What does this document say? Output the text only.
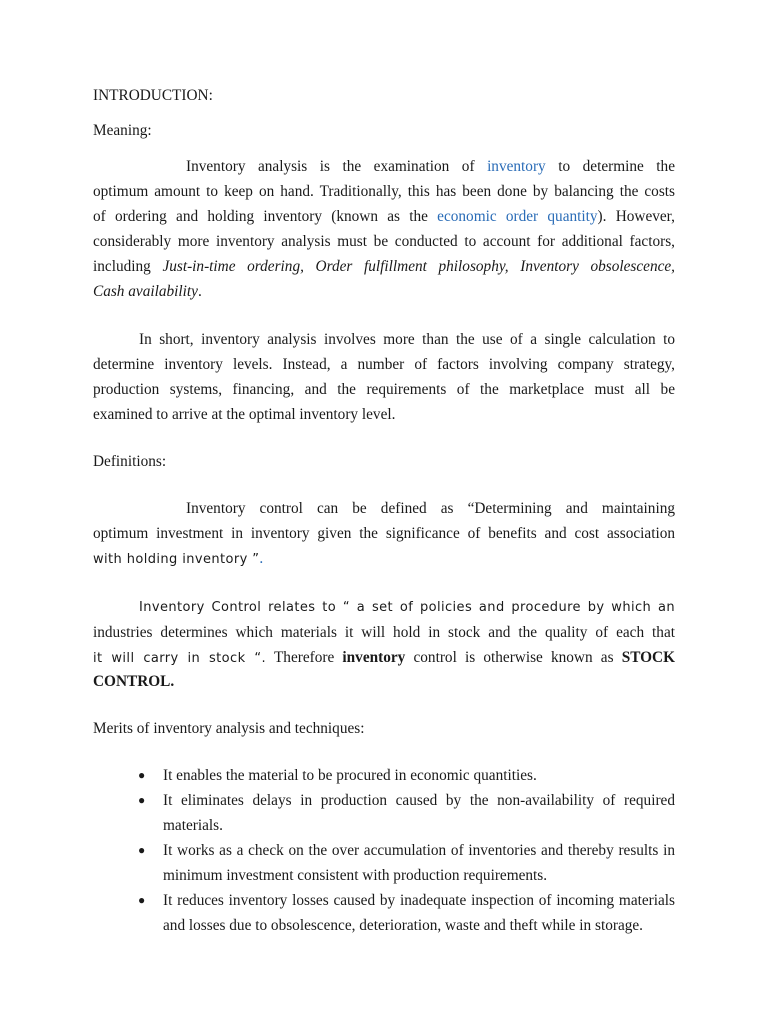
INTRODUCTION:

Meaning:

Inventory analysis is the examination of inventory to determine the
optimum amount to keep on hand. Traditionally, this has been done by balancing the costs
of ordering and holding inventory (known as the economic order quantity). However,
considerably more inventory analysis must be conducted to account for additional factors,
including Just-in-time ordering, Order fulfillment philosophy, Inventory obsolescence,

Cash availability.

In short, inventory analysis involves more than the use of a single calculation to
determine inventory levels. Instead, a number of factors involving company strategy,
production systems, financing, and the requirements of the marketplace must all be

examined to arrive at the optimal inventory level.

Definitions:

Inventory control can be defined as “Determining and maintaining
optimum investment in inventory given the significance of benefits and cost association

with holding inventory ”.

Inventory Control relates to “ a set of policies and procedure by which an
industries determines which materials it will hold in stock and the quality of each that
it will carry in stock “. Therefore inventory control is otherwise known as STOCK

CONTROL.

Merits of inventory analysis and techniques:

● It enables the material to be procured in economic quantities.
● It eliminates delays in production caused by the non-availability of required
materials.
● It works as a check on the over accumulation of inventories and thereby results in
minimum investment consistent with production requirements.
● It reduces inventory losses caused by inadequate inspection of incoming materials
and losses due to obsolescence, deterioration, waste and theft while in storage.
